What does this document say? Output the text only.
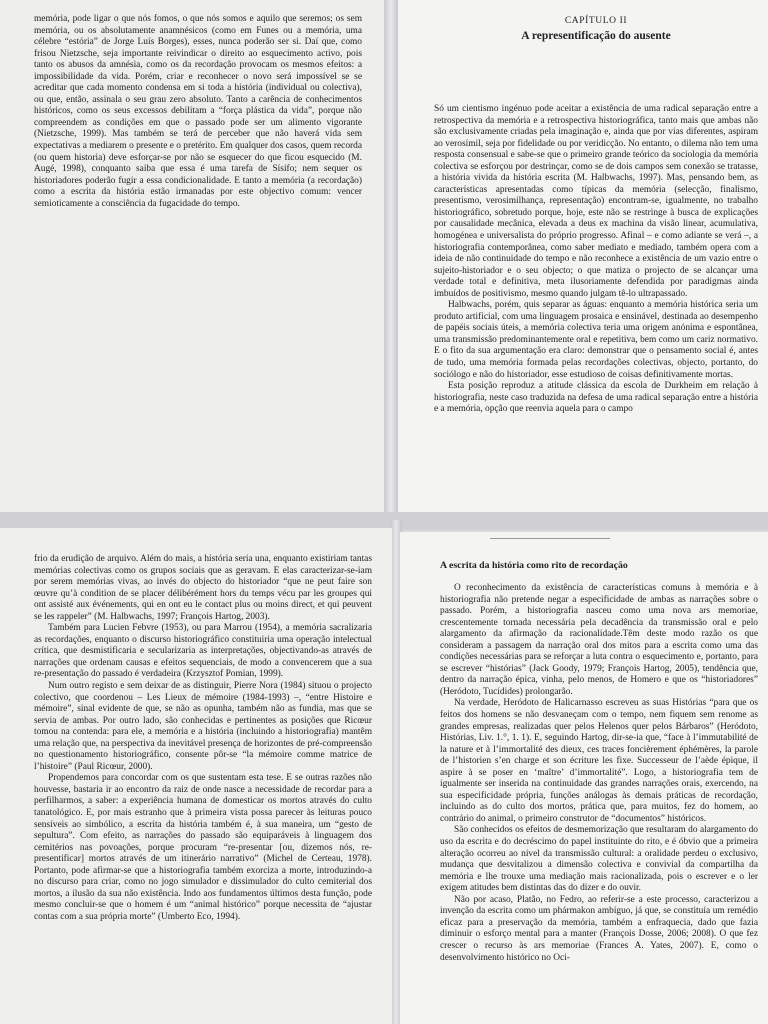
memória, pode ligar o que nós fomos, o que nós somos e aquilo que seremos; os sem memória, ou os absolutamente anamnésicos (como em Funes ou a memória, uma célebre “estória” de Jorge Luís Borges), esses, nunca poderão ser si. Daí que, como frisou Nietzsche, seja importante reivindicar o direito ao esquecimento activo, pois tanto os abusos da amnésia, como os da recordação provocam os mesmos efeitos: a impossibilidade da vida. Porém, criar e reconhecer o novo será impossível se se acreditar que cada momento condensa em si toda a história (individual ou colectiva), ou que, então, assinala o seu grau zero absoluto. Tanto a carência de conhecimentos históricos, como os seus excessos debilitam a “força plástica da vida”, porque não compreendem as condições em que o passado pode ser um alimento vigorante (Nietzsche, 1999). Mas também se terá de perceber que não haverá vida sem expectativas a mediarem o presente e o pretérito. Em qualquer dos casos, quem recorda (ou quem historia) deve esforçar-se por não se esquecer do que ficou esquecido (M. Augé, 1998), conquanto saiba que essa é uma tarefa de Sísifo; nem sequer os historiadores poderão fugir a essa condicionalidade. E tanto a memória (a recordação) como a escrita da história estão irmanadas por este objectivo comum: vencer semioticamente a consciência da fugacidade do tempo.

CAPÍTULO II
A representificação do ausente

Só um cientismo ingénuo pode aceitar a existência de uma radical separação entre a retrospectiva da memória e a retrospectiva historiográfica, tanto mais que ambas não são exclusivamente criadas pela imaginação e, ainda que por vias diferentes, aspiram ao verosímil, seja por fidelidade ou por veridicção. No entanto, o dilema não tem uma resposta consensual e sabe-se que o primeiro grande teórico da sociologia da memória colectiva se esforçou por destrinçar, como se de dois campos sem conexão se tratasse, a história vivida da história escrita (M. Halbwachs, 1997). Mas, pensando bem, as características apresentadas como típicas da memória (selecção, finalismo, presentismo, verosimilhança, representação) encontram-se, igualmente, no trabalho historiográfico, sobretudo porque, hoje, este não se restringe à busca de explicações por causalidade mecânica, elevada a deus ex machina da visão linear, acumulativa, homogénea e universalista do próprio progresso. Afinal – e como adiante se verá –, a historiografia contemporânea, como saber mediato e mediado, também opera com a ideia de não continuidade do tempo e não reconhece a existência de um vazio entre o sujeito-historiador e o seu objecto; o que matiza o projecto de se alcançar uma verdade total e definitiva, meta ilusoriamente defendida por paradigmas ainda imbuídos de positivismo, mesmo quando julgam tê-lo ultrapassado.

Halbwachs, porém, quis separar as águas: enquanto a memória histórica seria um produto artificial, com uma linguagem prosaica e ensinável, destinada ao desempenho de papéis sociais úteis, a memória colectiva teria uma origem anónima e espontânea, uma transmissão predominantemente oral e repetitiva, bem como um cariz normativo. E o fito da sua argumentação era claro: demonstrar que o pensamento social é, antes de tudo, uma memória formada pelas recordações colectivas, objecto, portanto, do sociólogo e não do historiador, esse estudioso de coisas definitivamente mortas.

Esta posição reproduz a atitude clássica da escola de Durkheim em relação à historiografia, neste caso traduzida na defesa de uma radical separação entre a história e a memória, opção que reenvia aquela para o campo

frio da erudição de arquivo. Além do mais, a história seria una, enquanto existiriam tantas memórias colectivas como os grupos sociais que as geravam. E elas caracterizar-se-iam por serem memórias vivas, ao invés do objecto do historiador “que ne peut faire son œuvre qu’à condition de se placer délibérément hors du temps vécu par les groupes qui ont assisté aux événements, qui en ont eu le contact plus ou moins direct, et qui peuvent se les rappeler” (M. Halbwachs, 1997; François Hartog, 2003).

Também para Lucien Febvre (1953), ou para Marrou (1954), a memória sacralizaria as recordações, enquanto o discurso historiográfico constituiria uma operação intelectual crítica, que desmistificaria e secularizaria as interpretações, objectivando-as através de narrações que ordenam causas e efeitos sequenciais, de modo a convencerem que a sua re-presentação do passado é verdadeira (Krzysztof Pomian, 1999).

Num outro registo e sem deixar de as distinguir, Pierre Nora (1984) situou o projecto colectivo, que coordenou – Les Lieux de mémoire (1984-1993) –, “entre Histoire e mémoire”, sinal evidente de que, se não as opunha, também não as fundia, mas que se servia de ambas. Por outro lado, são conhecidas e pertinentes as posições que Ricœur tomou na contenda: para ele, a memória e a história (incluindo a historiografia) mantêm uma relação que, na perspectiva da inevitável presença de horizontes de pré-compreensão no questionamento historiográfico, consente pôr-se “la mémoire comme matrice de l’histoire” (Paul Ricœur, 2000).

Propendemos para concordar com os que sustentam esta tese. E se outras razões não houvesse, bastaria ir ao encontro da raiz de onde nasce a necessidade de recordar para a perfilharmos, a saber: a experiência humana de domesticar os mortos através do culto tanatológico. E, por mais estranho que à primeira vista possa parecer às leituras pouco sensíveis ao simbólico, a escrita da história também é, à sua maneira, um “gesto de sepultura”. Com efeito, as narrações do passado são equiparáveis à linguagem dos cemitérios nas povoações, porque procuram “re-presentar [ou, dizemos nós, re-presentificar] mortos através de um itinerário narrativo” (Michel de Certeau, 1978). Portanto, pode afirmar-se que a historiografia também exorciza a morte, introduzindo-a no discurso para criar, como no jogo simulador e dissimulador do culto cemiterial dos mortos, a ilusão da sua não existência. Indo aos fundamentos últimos desta função, pode mesmo concluir-se que o homem é um “animal histórico” porque necessita de “ajustar contas com a sua própria morte” (Umberto Eco, 1994).

A escrita da história como rito de recordação

O reconhecimento da existência de características comuns à memória e à historiografia não pretende negar a especificidade de ambas as narrações sobre o passado. Porém, a historiografia nasceu como uma nova ars memoriae, crescentemente tornada necessária pela decadência da transmissão oral e pelo alargamento da afirmação da racionalidade.Têm deste modo razão os que consideram a passagem da narração oral dos mitos para a escrita como uma das condições necessárias para se reforçar a luta contra o esquecimento e, portanto, para se escrever “histórias” (Jack Goody, 1979; François Hartog, 2005), tendência que, dentro da narração épica, vinha, pelo menos, de Homero e que os “historiadores” (Heródoto, Tucídides) prolongarão.

Na verdade, Heródoto de Halicarnasso escreveu as suas Histórias “para que os feitos dos homens se não desvaneçam com o tempo, nem fiquem sem renome as grandes empresas, realizadas quer pelos Helenos quer pelos Bárbaros” (Heródoto, Histórias, Liv. 1.°, 1. 1). E, seguindo Hartog, dir-se-ia que, “face à l’immutabilité de la nature et à l’immortalité des dieux, ces traces foncièrement éphémères, la parole de l’historien s’en charge et son écriture les fixe. Successeur de l’aède épique, il aspire à se poser en ‘maître’ d’immortalité”. Logo, a historiografia tem de igualmente ser inserida na continuidade das grandes narrações orais, exercendo, na sua especificidade própria, funções análogas às demais práticas de recordação, incluindo as do culto dos mortos, prática que, para muitos, fez do homem, ao contrário do animal, o primeiro construtor de “documentos” históricos.

São conhecidos os efeitos de desmemorização que resultaram do alargamento do uso da escrita e do decréscimo do papel instituinte do rito, e é óbvio que a primeira alteração ocorreu ao nível da transmissão cultural: a oralidade perdeu o exclusivo, mudança que desvitalizou a dimensão colectiva e convivial da compartilha da memória e lhe trouxe uma mediação mais racionalizada, pois o escrever e o ler exigem atitudes bem distintas das do dizer e do ouvir.

Não por acaso, Platão, no Fedro, ao referir-se a este processo, caracterizou a invenção da escrita como um phármakon ambíguo, já que, se constituía um remédio eficaz para a preservação da memória, também a enfraquecia, dado que fazia diminuir o esforço mental para a manter (François Dosse, 2006; 2008). O que fez crescer o recurso às ars memoriae (Frances A. Yates, 2007). E, como o desenvolvimento histórico no Oci-
